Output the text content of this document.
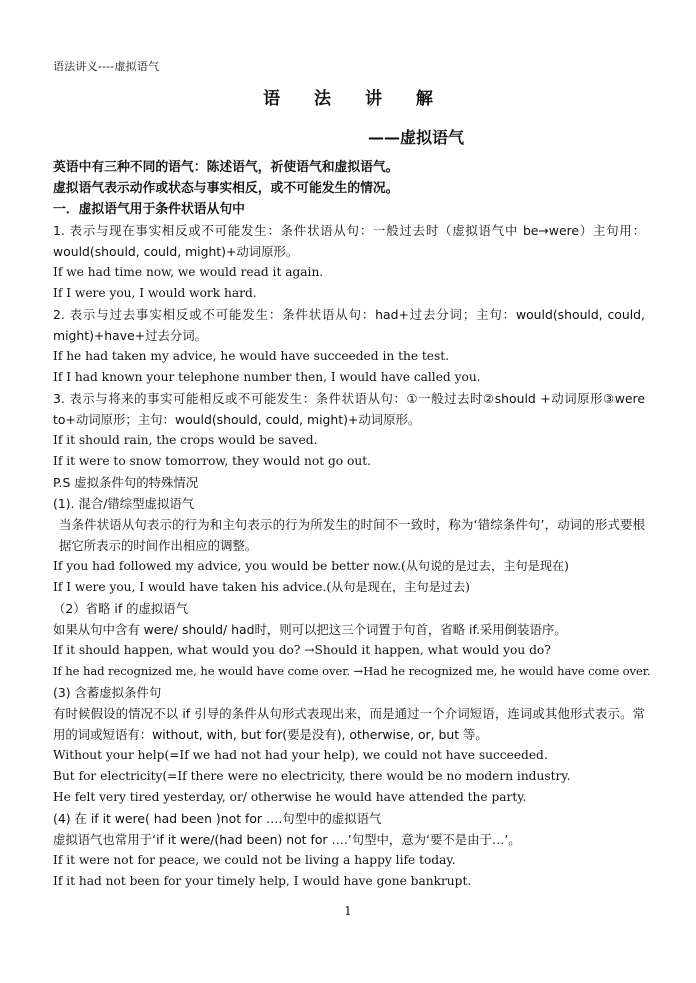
语法讲义----虚拟语气
语 法 讲 解
——虚拟语气
英语中有三种不同的语气：陈述语气，祈使语气和虚拟语气。
虚拟语气表示动作或状态与事实相反，或不可能发生的情况。
一．虚拟语气用于条件状语从句中
1. 表示与现在事实相反或不可能发生：条件状语从句：一般过去时（虚拟语气中 be→were）主句用：would(should, could, might)+动词原形。
If we had time now, we would read it again.
If I were you, I would work hard.
2. 表示与过去事实相反或不可能发生：条件状语从句：had+过去分词；主句：would(should, could, might)+have+过去分词。
If he had taken my advice, he would have succeeded in the test.
If I had known your telephone number then, I would have called you.
3. 表示与将来的事实可能相反或不可能发生：条件状语从句：①一般过去时②should +动词原形③were to+动词原形；主句：would(should, could, might)+动词原形。
If it should rain, the crops would be saved.
If it were to snow tomorrow, they would not go out.
P.S 虚拟条件句的特殊情况
(1). 混合/错综型虚拟语气
当条件状语从句表示的行为和主句表示的行为所发生的时间不一致时，称为‘错综条件句’，动词的形式要根据它所表示的时间作出相应的调整。
If you had followed my advice, you would be better now.(从句说的是过去，主句是现在)
If I were you, I would have taken his advice.(从句是现在，主句是过去)
（2）省略 if 的虚拟语气
如果从句中含有 were/ should/ had时，则可以把这三个词置于句首，省略 if.采用倒装语序。
If it should happen, what would you do? →Should it happen, what would you do?
If he had recognized me, he would have come over. →Had he recognized me, he would have come over.
(3) 含蓄虚拟条件句
有时候假设的情况不以 if 引导的条件从句形式表现出来，而是通过一个介词短语，连词或其他形式表示。常用的词或短语有：without, with, but for(要是没有), otherwise, or, but 等。
Without your help(=If we had not had your help), we could not have succeeded.
But for electricity(=If there were no electricity, there would be no modern industry.
He felt very tired yesterday, or/ otherwise he would have attended the party.
(4) 在 if it were( had been )not for ….句型中的虚拟语气
虚拟语气也常用于‘if it were/(had been) not for ….’句型中，意为‘要不是由于…’。
If it were not for peace, we could not be living a happy life today.
If it had not been for your timely help, I would have gone bankrupt.
1
